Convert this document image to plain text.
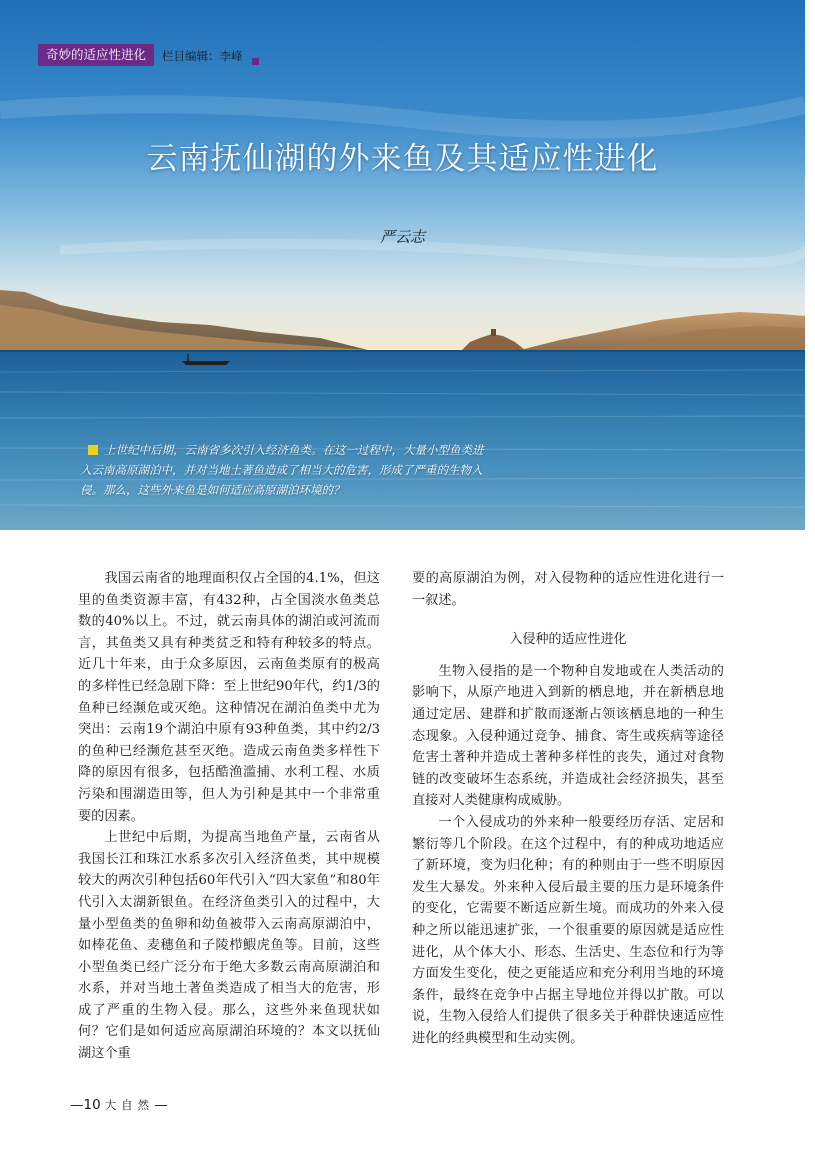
奇妙的适应性进化	栏目编辑：李峰
云南抚仙湖的外来鱼及其适应性进化
严云志
上世纪中后期，云南省多次引入经济鱼类。在这一过程中，大量小型鱼类进入云南高原湖泊中，并对当地土著鱼造成了相当大的危害，形成了严重的生物入侵。那么，这些外来鱼是如何适应高原湖泊环境的？

我国云南省的地理面积仅占全国的4.1%，但这里的鱼类资源丰富，有432种，占全国淡水鱼类总数的40%以上。不过，就云南具体的湖泊或河流而言，其鱼类又具有种类贫乏和特有种较多的特点。近几十年来，由于众多原因，云南鱼类原有的极高的多样性已经急剧下降：至上世纪90年代，约1/3的鱼种已经濒危或灭绝。这种情况在湖泊鱼类中尤为突出：云南19个湖泊中原有93种鱼类，其中约2/3的鱼种已经濒危甚至灭绝。造成云南鱼类多样性下降的原因有很多，包括酷渔滥捕、水利工程、水质污染和围湖造田等，但人为引种是其中一个非常重要的因素。

上世纪中后期，为提高当地鱼产量，云南省从我国长江和珠江水系多次引入经济鱼类，其中规模较大的两次引种包括60年代引入“四大家鱼”和80年代引入太湖新银鱼。在经济鱼类引入的过程中，大量小型鱼类的鱼卵和幼鱼被带入云南高原湖泊中，如棒花鱼、麦穗鱼和子陵栉鰕虎鱼等。目前，这些小型鱼类已经广泛分布于绝大多数云南高原湖泊和水系，并对当地土著鱼类造成了相当大的危害，形成了严重的生物入侵。那么，这些外来鱼现状如何？它们是如何适应高原湖泊环境的？本文以抚仙湖这个重

要的高原湖泊为例，对入侵物种的适应性进化进行一一叙述。

入侵种的适应性进化

生物入侵指的是一个物种自发地或在人类活动的影响下，从原产地进入到新的栖息地，并在新栖息地通过定居、建群和扩散而逐渐占领该栖息地的一种生态现象。入侵种通过竞争、捕食、寄生或疾病等途径危害土著种并造成土著种多样性的丧失，通过对食物链的改变破坏生态系统，并造成社会经济损失，甚至直接对人类健康构成威胁。

一个入侵成功的外来种一般要经历存活、定居和繁衍等几个阶段。在这个过程中，有的种成功地适应了新环境，变为归化种；有的种则由于一些不明原因发生大暴发。外来种入侵后最主要的压力是环境条件的变化，它需要不断适应新生境。而成功的外来入侵种之所以能迅速扩张，一个很重要的原因就是适应性进化，从个体大小、形态、生活史、生态位和行为等方面发生变化，使之更能适应和充分利用当地的环境条件，最终在竞争中占据主导地位并得以扩散。可以说，生物入侵给人们提供了很多关于种群快速适应性进化的经典模型和生动实例。

—10 大自然—
